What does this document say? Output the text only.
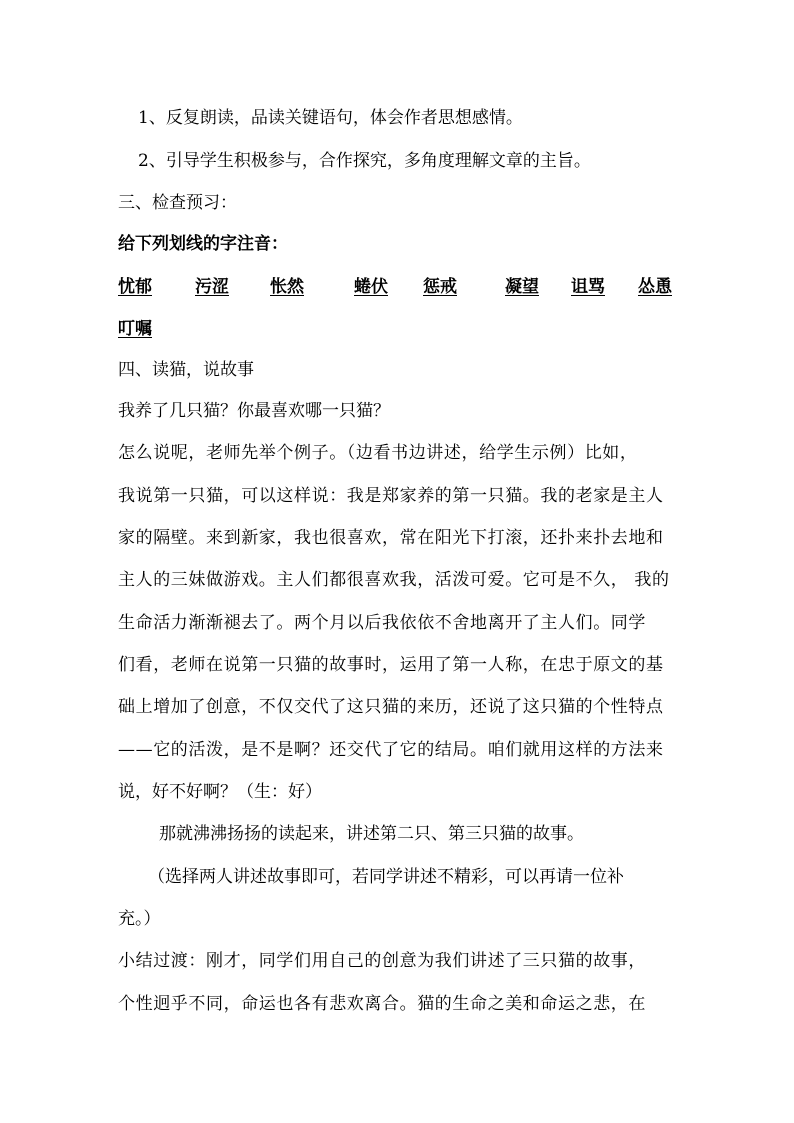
1、反复朗读，品读关键语句，体会作者思想感情。
2、引导学生积极参与，合作探究，多角度理解文章的主旨。
三、检查预习：
给下列划线的字注音：
忧郁	污涩 怅然	蜷伏 惩戒	凝望 诅骂 怂恿
叮嘱
四、读猫，说故事
我养了几只猫？你最喜欢哪一只猫？
怎么说呢，老师先举个例子。（边看书边讲述，给学生示例）比如，
我说第一只猫，可以这样说：我是郑家养的第一只猫。我的老家是主人
家的隔壁。来到新家，我也很喜欢，常在阳光下打滚，还扑来扑去地和
主人的三妹做游戏。主人们都很喜欢我，活泼可爱。它可是不久， 我的
生命活力渐渐褪去了。两个月以后我依依不舍地离开了主人们。同学
们看，老师在说第一只猫的故事时，运用了第一人称，在忠于原文的基
础上增加了创意，不仅交代了这只猫的来历，还说了这只猫的个性特点
——它的活泼，是不是啊？还交代了它的结局。咱们就用这样的方法来
说，好不好啊？（生：好）
那就沸沸扬扬的读起来，讲述第二只、第三只猫的故事。
（选择两人讲述故事即可，若同学讲述不精彩，可以再请一位补
充。）
小结过渡：刚才，同学们用自己的创意为我们讲述了三只猫的故事，
个性迥乎不同，命运也各有悲欢离合。猫的生命之美和命运之悲，在
